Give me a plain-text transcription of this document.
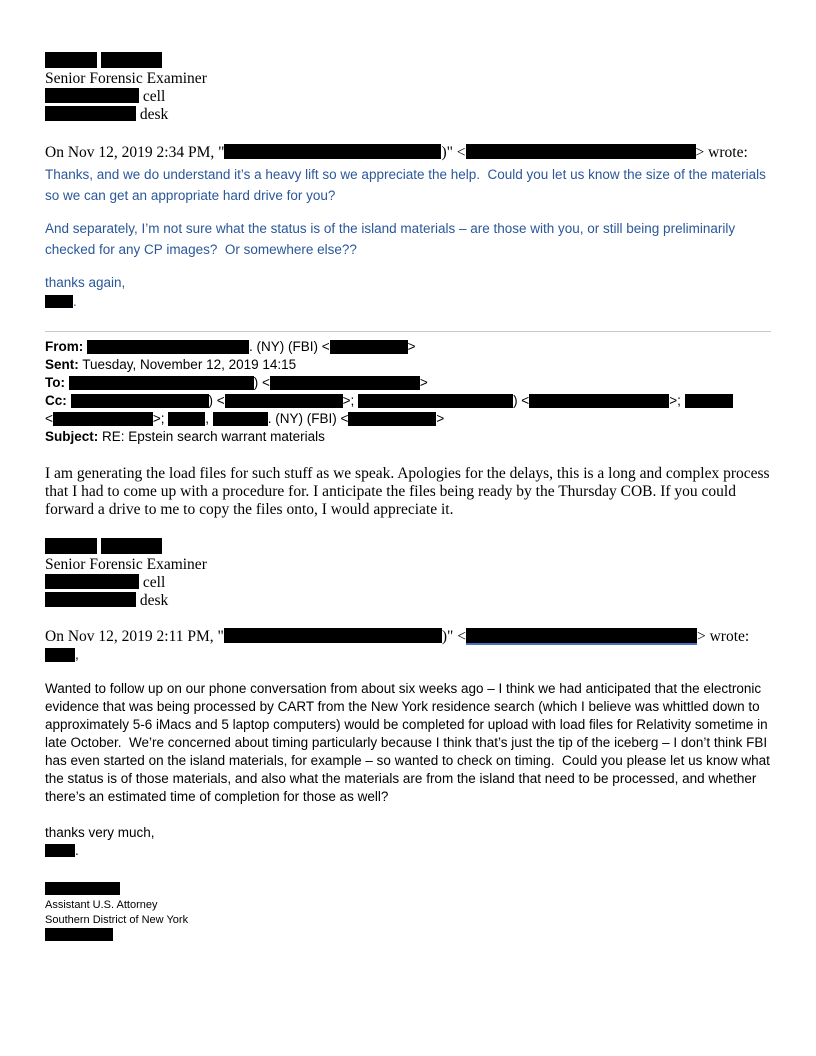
Senior Forensic Examiner
cell
desk

On Nov 12, 2019 2:34 PM, "	)" <	> wrote:

Thanks, and we do understand it’s a heavy lift so we appreciate the help.  Could you let us know the size of the materials so we can get an appropriate hard drive for you?

And separately, I’m not sure what the status is of the island materials – are those with you, or still being preliminarily checked for any CP images?  Or somewhere else??

thanks again,

.

From:	. (NY) (FBI) <	>

Sent: Tuesday, November 12, 2019 14:15

To:	) <	>

Cc:	) <	>;	) <	>;
<	>;	,	. (NY) (FBI) <	>

Subject: RE: Epstein search warrant materials

I am generating the load files for such stuff as we speak. Apologies for the delays, this is a long and complex process that I had to come up with a procedure for. I anticipate the files being ready by the Thursday COB. If you could forward a drive to me to copy the files onto, I would appreciate it.

Senior Forensic Examiner
cell
desk

On Nov 12, 2019 2:11 PM, "	)" <	> wrote:

,

Wanted to follow up on our phone conversation from about six weeks ago – I think we had anticipated that the electronic evidence that was being processed by CART from the New York residence search (which I believe was whittled down to approximately 5-6 iMacs and 5 laptop computers) would be completed for upload with load files for Relativity sometime in late October.  We’re concerned about timing particularly because I think that’s just the tip of the iceberg – I don’t think FBI has even started on the island materials, for example – so wanted to check on timing.  Could you please let us know what the status is of those materials, and also what the materials are from the island that need to be processed, and whether there’s an estimated time of completion for those as well?

thanks very much,

.

Assistant U.S. Attorney
Southern District of New York
